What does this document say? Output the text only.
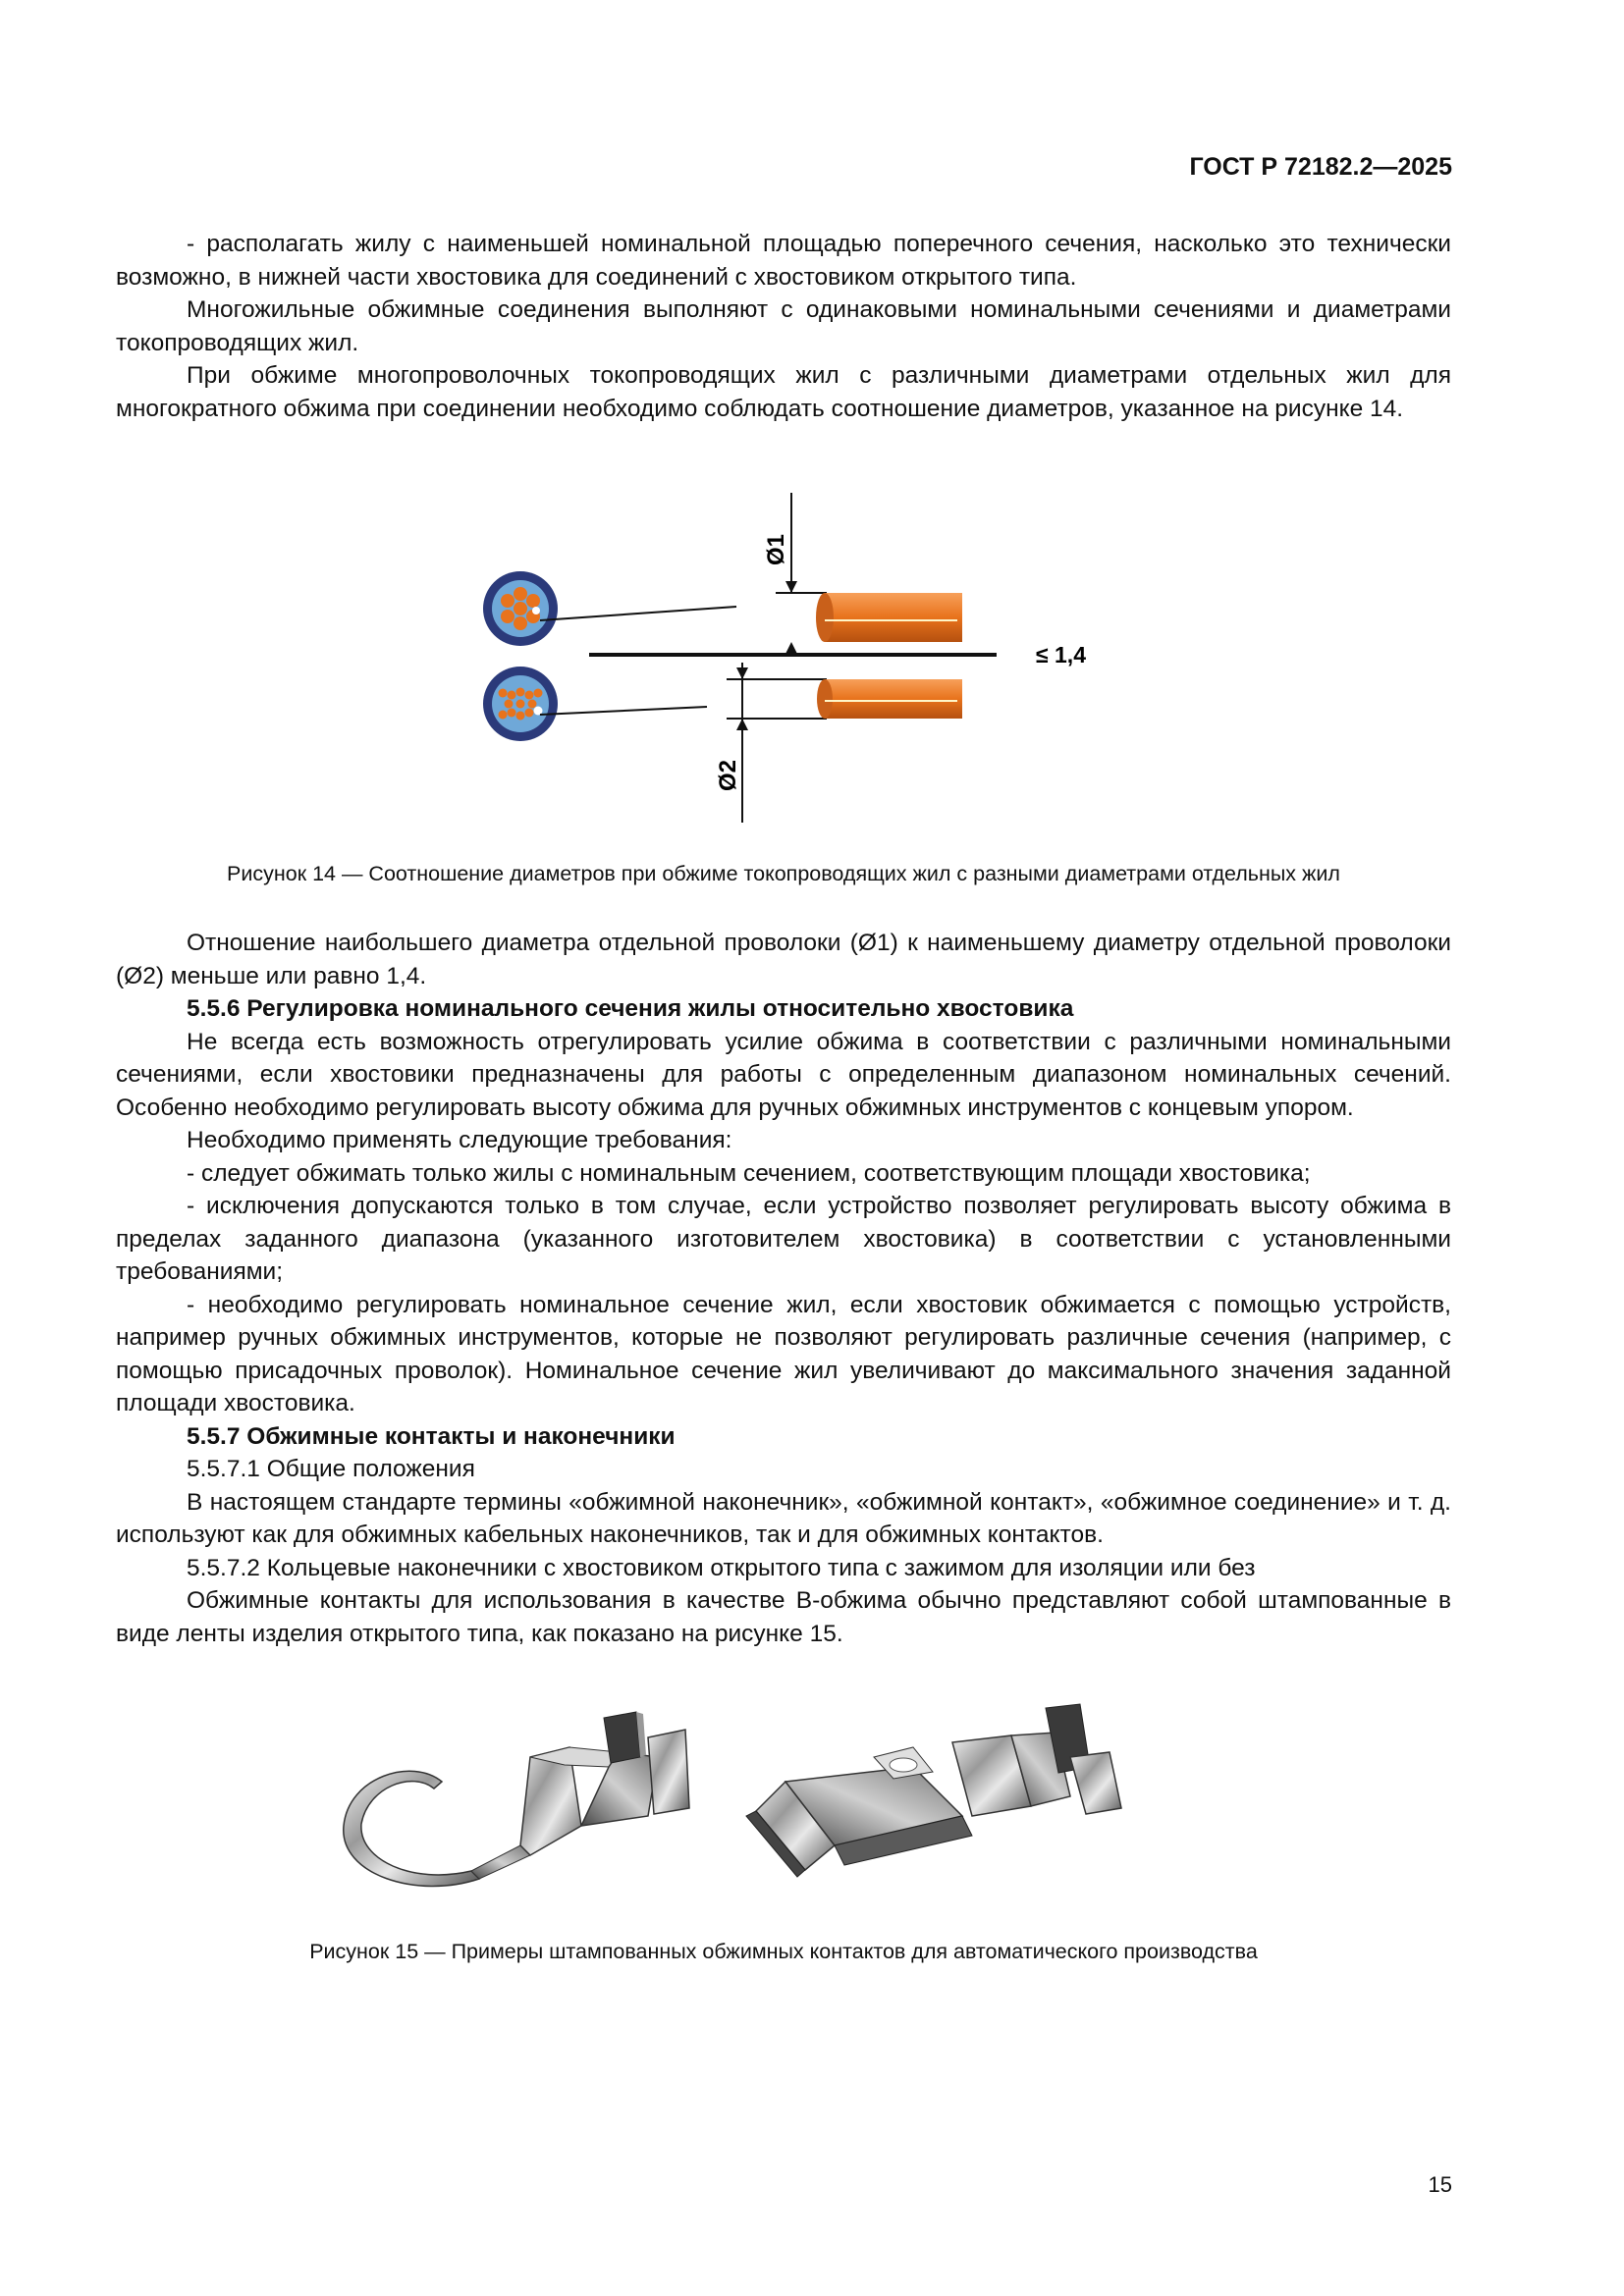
ГОСТ Р 72182.2—2025

- располагать жилу с наименьшей номинальной площадью поперечного сечения, насколько это технически возможно, в нижней части хвостовика для соединений с хвостовиком открытого типа.

Многожильные обжимные соединения выполняют с одинаковыми номинальными сечениями и диаметрами токопроводящих жил.

При обжиме многопроволочных токопроводящих жил с различными диаметрами отдельных жил для многократного обжима при соединении необходимо соблюдать соотношение диаметров, указанное на рисунке 14.

Ø1
Ø2
≤ 1,4
Рисунок 14 — Соотношение диаметров при обжиме токопроводящих жил с разными диаметрами отдельных жил

Отношение наибольшего диаметра отдельной проволоки (Ø1) к наименьшему диаметру отдельной проволоки (Ø2) меньше или равно 1,4.

5.5.6 Регулировка номинального сечения жилы относительно хвостовика

Не всегда есть возможность отрегулировать усилие обжима в соответствии с различными номинальными сечениями, если хвостовики предназначены для работы с определенным диапазоном номинальных сечений. Особенно необходимо регулировать высоту обжима для ручных обжимных инструментов с концевым упором.

Необходимо применять следующие требования:

- следует обжимать только жилы с номинальным сечением, соответствующим площади хвостовика;

- исключения допускаются только в том случае, если устройство позволяет регулировать высоту обжима в пределах заданного диапазона (указанного изготовителем хвостовика) в соответствии с установленными требованиями;

- необходимо регулировать номинальное сечение жил, если хвостовик обжимается с помощью устройств, например ручных обжимных инструментов, которые не позволяют регулировать различные сечения (например, с помощью присадочных проволок). Номинальное сечение жил увеличивают до максимального значения заданной площади хвостовика.

5.5.7 Обжимные контакты и наконечники

5.5.7.1 Общие положения

В настоящем стандарте термины «обжимной наконечник», «обжимной контакт», «обжимное соединение» и т. д. используют как для обжимных кабельных наконечников, так и для обжимных контактов.

5.5.7.2 Кольцевые наконечники с хвостовиком открытого типа с зажимом для изоляции или без

Обжимные контакты для использования в качестве B-обжима обычно представляют собой штампованные в виде ленты изделия открытого типа, как показано на рисунке 15.

Рисунок 15 — Примеры штампованных обжимных контактов для автоматического производства
15
